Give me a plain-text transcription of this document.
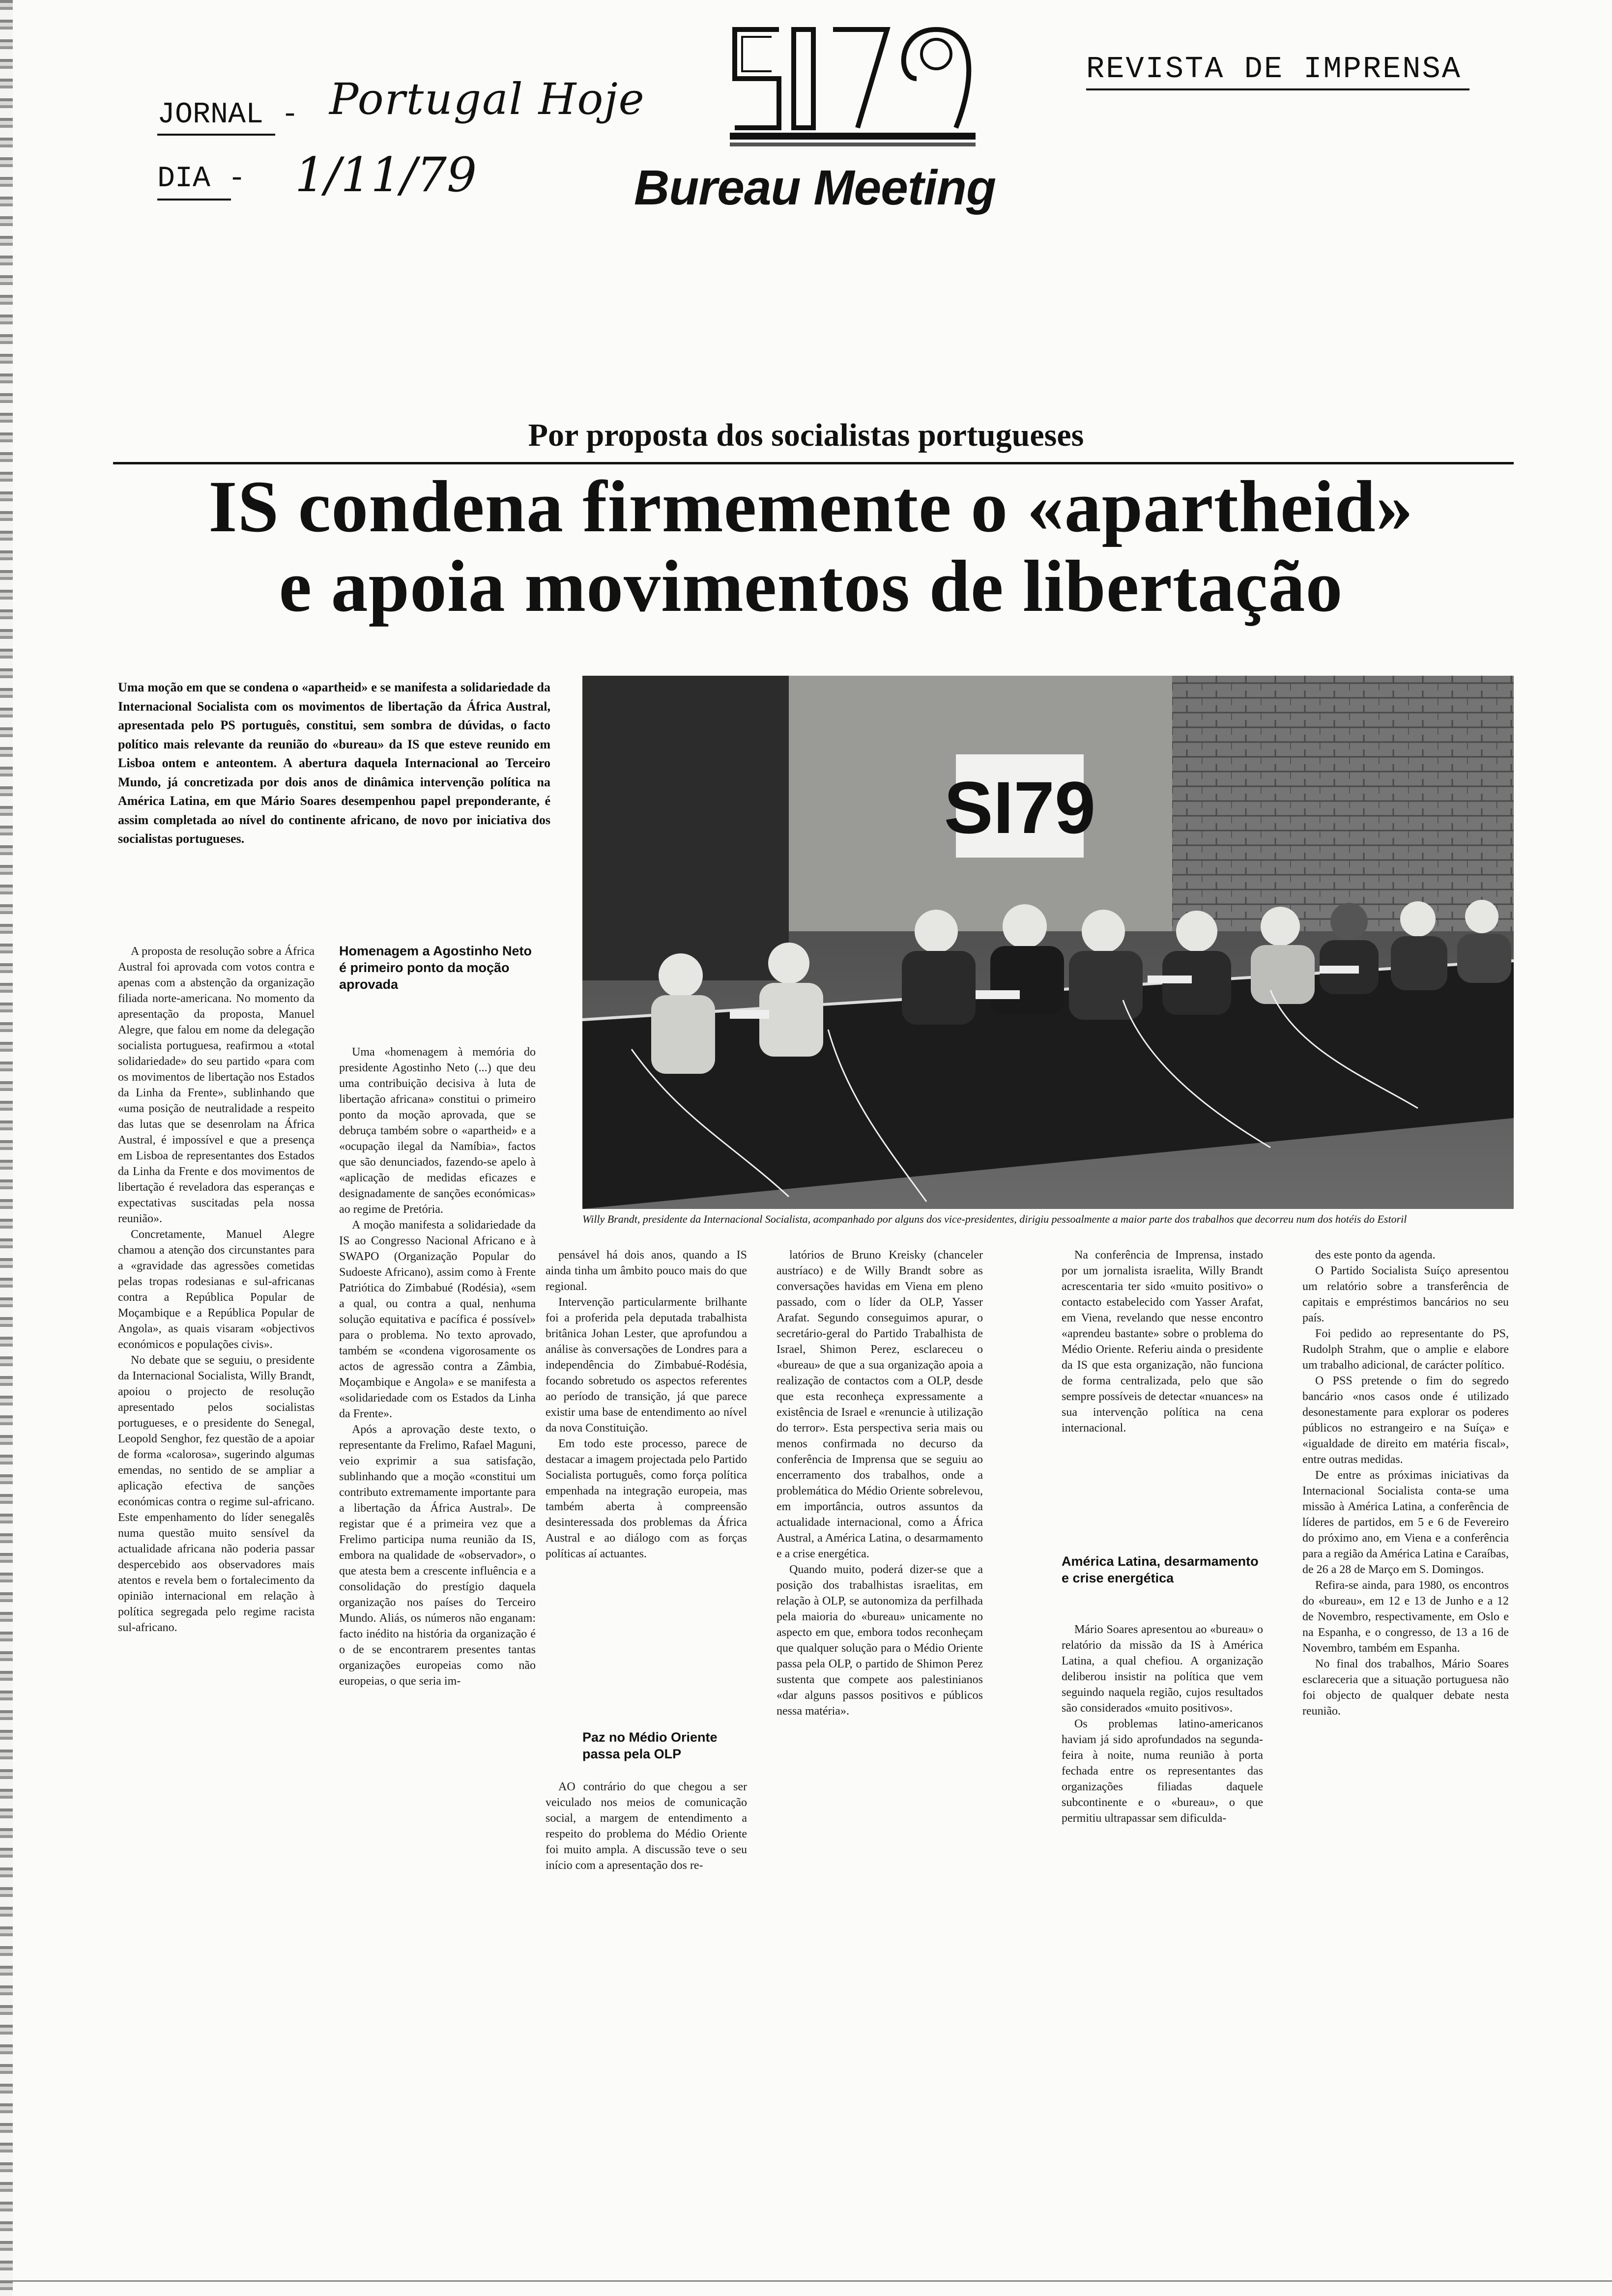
JORNAL - Portugal Hoje
DIA - 1/11/79
REVISTA DE IMPRENSA
Bureau Meeting
Por proposta dos socialistas portugueses
IS condena firmemente o «apartheid»
e apoia movimentos de libertação
Uma moção em que se condena o «apartheid» e se manifesta a solidariedade da Internacional Socialista com os movimentos de libertação da África Austral, apresentada pelo PS português, constitui, sem sombra de dúvidas, o facto político mais relevante da reunião do «bureau» da IS que esteve reunido em Lisboa ontem e anteontem. A abertura daquela Internacional ao Terceiro Mundo, já concretizada por dois anos de dinâmica intervenção política na América Latina, em que Mário Soares desempenhou papel preponderante, é assim completada ao nível do continente africano, de novo por iniciativa dos socialistas portugueses.	SI79
Willy Brandt, presidente da Internacional Socialista, acompanhado por alguns dos vice-presidentes, dirigiu pessoalmente a maior parte dos trabalhos que decorreu num dos hotéis do Estoril

A proposta de resolução sobre a África Austral foi aprovada com votos contra e apenas com a abstenção da organização filiada norte-americana. No momento da apresentação da proposta, Manuel Alegre, que falou em nome da delegação socialista portuguesa, reafirmou a «total solidariedade» do seu partido «para com os movimentos de libertação nos Estados da Linha da Frente», sublinhando que «uma posição de neutralidade a respeito das lutas que se desenrolam na África Austral, é impossível e que a presença em Lisboa de representantes dos Estados da Linha da Frente e dos movimentos de libertação é reveladora das esperanças e expectativas suscitadas pela nossa reunião».

Concretamente, Manuel Alegre chamou a atenção dos circunstantes para a «gravidade das agressões cometidas pelas tropas rodesianas e sul-africanas contra a República Popular de Moçambique e a República Popular de Angola», as quais visaram «objectivos económicos e populações civis».

No debate que se seguiu, o presidente da Internacional Socialista, Willy Brandt, apoiou o projecto de resolução apresentado pelos socialistas portugueses, e o presidente do Senegal, Leopold Senghor, fez questão de a apoiar de forma «calorosa», sugerindo algumas emendas, no sentido de se ampliar a aplicação efectiva de sanções económicas contra o regime sul-africano. Este empenhamento do líder senegalês numa questão muito sensível da actualidade africana não poderia passar despercebido aos observadores mais atentos e revela bem o fortalecimento da opinião internacional em relação à política segregada pelo regime racista sul-africano.

Homenagem a Agostinho Neto é primeiro ponto da moção aprovada

Uma «homenagem à memória do presidente Agostinho Neto (...) que deu uma contribuição decisiva à luta de libertação africana» constitui o primeiro ponto da moção aprovada, que se debruça também sobre o «apartheid» e a «ocupação ilegal da Namíbia», factos que são denunciados, fazendo-se apelo à «aplicação de medidas eficazes e designadamente de sanções económicas» ao regime de Pretória.

A moção manifesta a solidariedade da IS ao Congresso Nacional Africano e à SWAPO (Organização Popular do Sudoeste Africano), assim como à Frente Patriótica do Zimbabué (Rodésia), «sem a qual, ou contra a qual, nenhuma solução equitativa e pacífica é possível» para o problema. No texto aprovado, também se «condena vigorosamente os actos de agressão contra a Zâmbia, Moçambique e Angola» e se manifesta a «solidariedade com os Estados da Linha da Frente».

Após a aprovação deste texto, o representante da Frelimo, Rafael Maguni, veio exprimir a sua satisfação, sublinhando que a moção «constitui um contributo extremamente importante para a libertação da África Austral». De registar que é a primeira vez que a Frelimo participa numa reunião da IS, embora na qualidade de «observador», o que atesta bem a crescente influência e a consolidação do prestígio daquela organização nos países do Terceiro Mundo. Aliás, os números não enganam: facto inédito na história da organização é o de se encontrarem presentes tantas organizações europeias como não europeias, o que seria im-

pensável há dois anos, quando a IS ainda tinha um âmbito pouco mais do que regional.

Intervenção particularmente brilhante foi a proferida pela deputada trabalhista britânica Johan Lester, que aprofundou a análise às conversações de Londres para a independência do Zimbabué-Rodésia, focando sobretudo os aspectos referentes ao período de transição, já que parece existir uma base de entendimento ao nível da nova Constituição.

Em todo este processo, parece de destacar a imagem projectada pelo Partido Socialista português, como força política empenhada na integração europeia, mas também aberta à compreensão desinteressada dos problemas da África Austral e ao diálogo com as forças políticas aí actuantes.

Paz no Médio Oriente passa pela OLP

AO contrário do que chegou a ser veiculado nos meios de comunicação social, a margem de entendimento a respeito do problema do Médio Oriente foi muito ampla. A discussão teve o seu início com a apresentação dos re-

latórios de Bruno Kreisky (chanceler austríaco) e de Willy Brandt sobre as conversações havidas em Viena em pleno passado, com o líder da OLP, Yasser Arafat. Segundo conseguimos apurar, o secretário-geral do Partido Trabalhista de Israel, Shimon Perez, esclareceu o «bureau» de que a sua organização apoia a realização de contactos com a OLP, desde que esta reconheça expressamente a existência de Israel e «renuncie à utilização do terror». Esta perspectiva seria mais ou menos confirmada no decurso da conferência de Imprensa que se seguiu ao encerramento dos trabalhos, onde a problemática do Médio Oriente sobrelevou, em importância, outros assuntos da actualidade internacional, como a África Austral, a América Latina, o desarmamento e a crise energética.

Quando muito, poderá dizer-se que a posição dos trabalhistas israelitas, em relação à OLP, se autonomiza da perfilhada pela maioria do «bureau» unicamente no aspecto em que, embora todos reconheçam que qualquer solução para o Médio Oriente passa pela OLP, o partido de Shimon Perez sustenta que compete aos palestinianos «dar alguns passos positivos e públicos nessa matéria».

Na conferência de Imprensa, instado por um jornalista israelita, Willy Brandt acrescentaria ter sido «muito positivo» o contacto estabelecido com Yasser Arafat, em Viena, revelando que nesse encontro «aprendeu bastante» sobre o problema do Médio Oriente. Referiu ainda o presidente da IS que esta organização, não funciona de forma centralizada, pelo que são sempre possíveis de detectar «nuances» na sua intervenção política na cena internacional.

América Latina, desarmamento e crise energética

Mário Soares apresentou ao «bureau» o relatório da missão da IS à América Latina, a qual chefiou. A organização deliberou insistir na política que vem seguindo naquela região, cujos resultados são considerados «muito positivos».

Os problemas latino-americanos haviam já sido aprofundados na segunda-feira à noite, numa reunião à porta fechada entre os representantes das organizações filiadas daquele subcontinente e o «bureau», o que permitiu ultrapassar sem dificulda-

des este ponto da agenda.

O Partido Socialista Suíço apresentou um relatório sobre a transferência de capitais e empréstimos bancários no seu país.

Foi pedido ao representante do PS, Rudolph Strahm, que o amplie e elabore um trabalho adicional, de carácter político.

O PSS pretende o fim do segredo bancário «nos casos onde é utilizado desonestamente para explorar os poderes públicos no estrangeiro e na Suíça» e «igualdade de direito em matéria fiscal», entre outras medidas.

De entre as próximas iniciativas da Internacional Socialista conta-se uma missão à América Latina, a conferência de líderes de partidos, em 5 e 6 de Fevereiro do próximo ano, em Viena e a conferência para a região da América Latina e Caraíbas, de 26 a 28 de Março em S. Domingos.

Refira-se ainda, para 1980, os encontros do «bureau», em 12 e 13 de Junho e a 12 de Novembro, respectivamente, em Oslo e na Espanha, e o congresso, de 13 a 16 de Novembro, também em Espanha.

No final dos trabalhos, Mário Soares esclareceria que a situação portuguesa não foi objecto de qualquer debate nesta reunião.
